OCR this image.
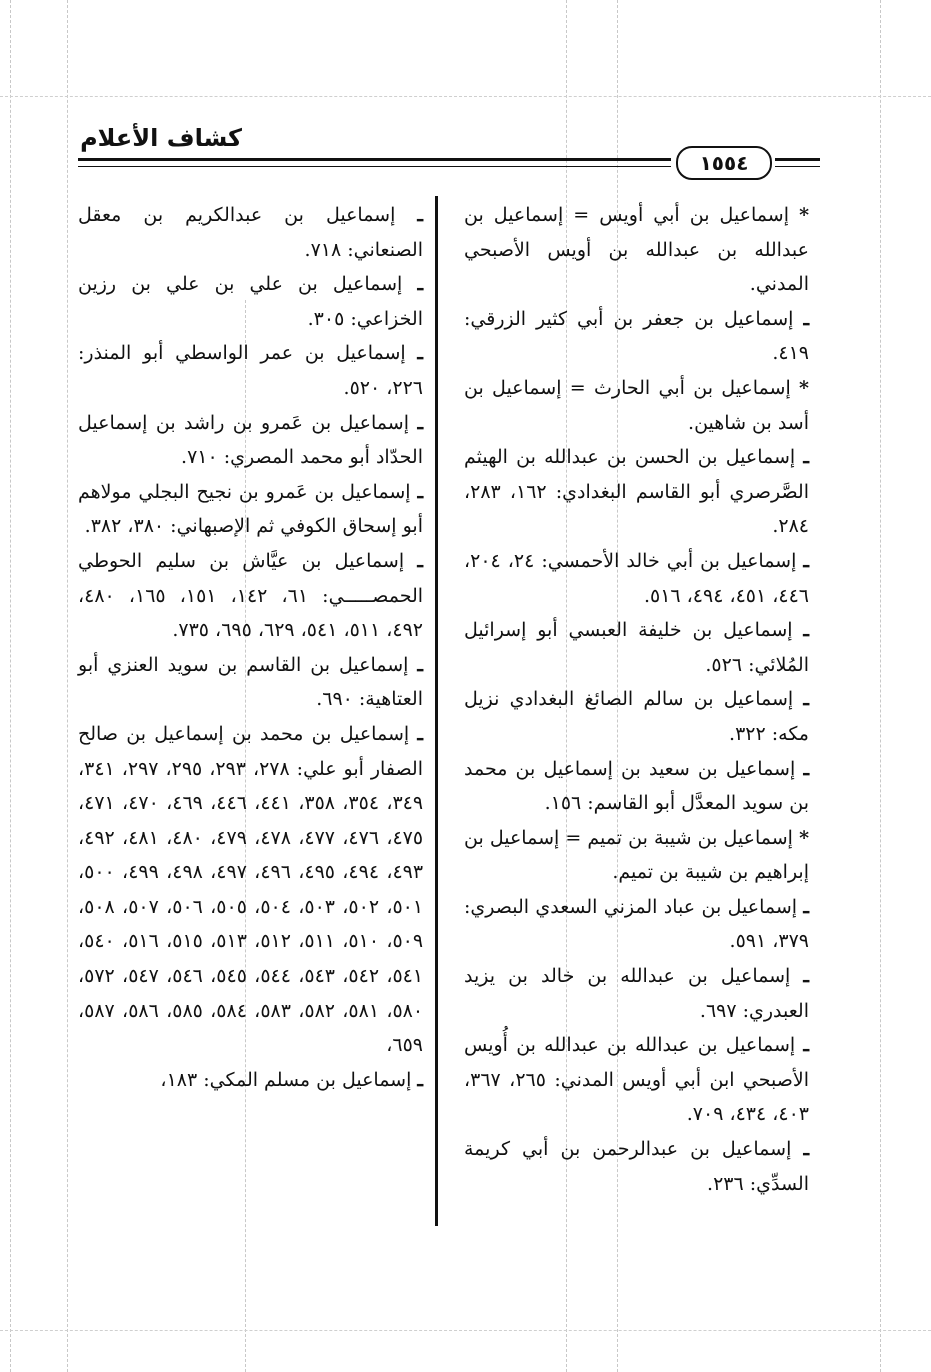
كشاف الأعلام
١٥٥٤

* إسماعيل بن أبي أويس = إسماعيل بن عبدالله بن عبدالله بن أويس الأصبحي المدني.

ـ إسماعيل بن جعفر بن أبي كثير الزرقي: ٤١٩.

* إسماعيل بن أبي الحارث = إسماعيل بن أسد بن شاهين.

ـ إسماعيل بن الحسن بن عبدالله بن الهيثم الصَّرصري أبو القاسم البغدادي: ١٦٢، ٢٨٣، ٢٨٤.

ـ إسماعيل بن أبي خالد الأحمسي: ٢٤، ٢٠٤، ٤٤٦، ٤٥١، ٤٩٤، ٥١٦.

ـ إسماعيل بن خليفة العبسي أبو إسرائيل المُلائي: ٥٢٦.

ـ إسماعيل بن سالم الصائغ البغدادي نزيل مكه: ٣٢٢.

ـ إسماعيل بن سعيد بن إسماعيل بن محمد بن سويد المعدَّل أبو القاسم: ١٥٦.

* إسماعيل بن شيبة بن تميم = إسماعيل بن إبراهيم بن شيبة بن تميم.

ـ إسماعيل بن عباد المزني السعدي البصري: ٣٧٩، ٥٩١.

ـ إسماعيل بن عبدالله بن خالد بن يزيد العبدري: ٦٩٧.

ـ إسماعيل بن عبدالله بن عبدالله بن أُويس الأصبحي ابن أبي أويس المدني: ٢٦٥، ٣٦٧، ٤٠٣، ٤٣٤، ٧٠٩.

ـ إسماعيل بن عبدالرحمن بن أبي كريمة السدِّي: ٢٣٦.

ـ إسماعيل بن عبدالكريم بن معقل الصنعاني: ٧١٨.

ـ إسماعيل بن علي بن علي بن رزين الخزاعي: ٣٠٥.

ـ إسماعيل بن عمر الواسطي أبو المنذر: ٢٢٦، ٥٢٠.

ـ إسماعيل بن عَمرو بن راشد بن إسماعيل الحدّاد أبو محمد المصري: ٧١٠.

ـ إسماعيل بن عَمرو بن نجيح البجلي مولاهم أبو إسحاق الكوفي ثم الإصبهاني: ٣٨٠، ٣٨٢.

ـ إسماعيل بن عيَّاش بن سليم الحوطي الحمصـــــي: ٦١، ١٤٢، ١٥١، ١٦٥، ٤٨٠، ٤٩٢، ٥١١، ٥٤١، ٦٢٩، ٦٩٥، ٧٣٥.

ـ إسماعيل بن القاسم بن سويد العنزي أبو العتاهية: ٦٩٠.

ـ إسماعيل بن محمد بن إسماعيل بن صالح الصفار أبو علي: ٢٧٨، ٢٩٣، ٢٩٥، ٢٩٧، ٣٤١، ٣٤٩، ٣٥٤، ٣٥٨، ٤٤١، ٤٤٦، ٤٦٩، ٤٧٠، ٤٧١، ٤٧٥، ٤٧٦، ٤٧٧، ٤٧٨، ٤٧٩، ٤٨٠، ٤٨١، ٤٩٢، ٤٩٣، ٤٩٤، ٤٩٥، ٤٩٦، ٤٩٧، ٤٩٨، ٤٩٩، ٥٠٠، ٥٠١، ٥٠٢، ٥٠٣، ٥٠٤، ٥٠٥، ٥٠٦، ٥٠٧، ٥٠٨، ٥٠٩، ٥١٠، ٥١١، ٥١٢، ٥١٣، ٥١٥، ٥١٦، ٥٤٠، ٥٤١، ٥٤٢، ٥٤٣، ٥٤٤، ٥٤٥، ٥٤٦، ٥٤٧، ٥٧٢، ٥٨٠، ٥٨١، ٥٨٢، ٥٨٣، ٥٨٤، ٥٨٥، ٥٨٦، ٥٨٧، ٦٥٩،

ـ إسماعيل بن مسلم المكي: ١٨٣،
